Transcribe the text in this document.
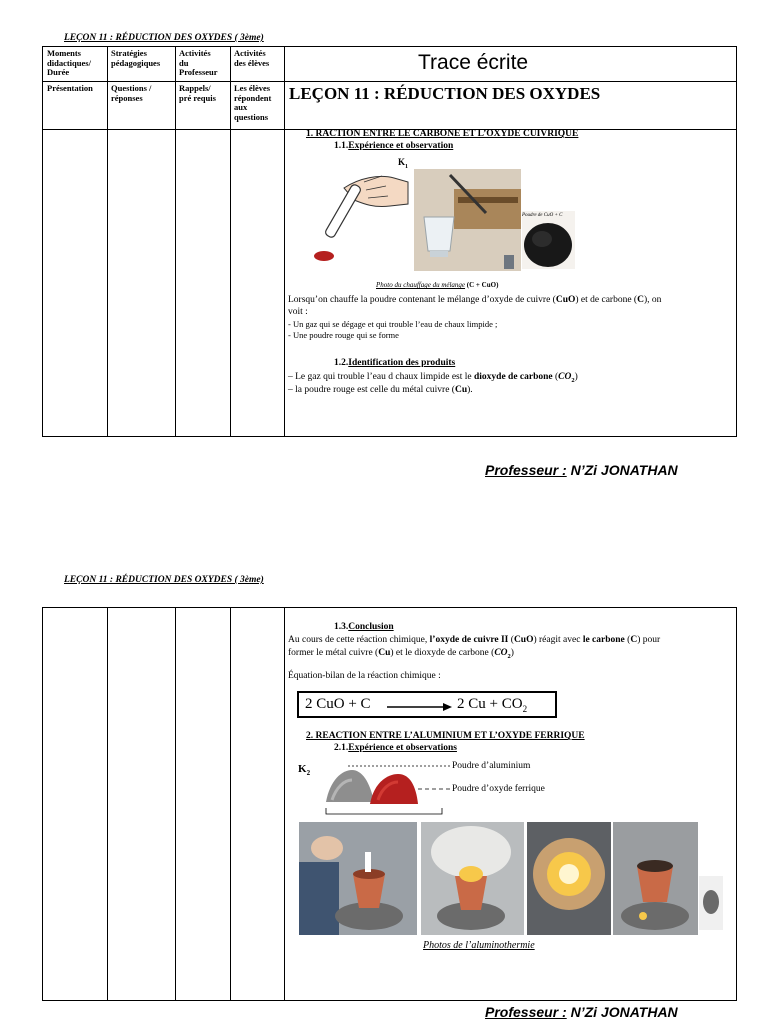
LEÇON 11 : RÉDUCTION DES OXYDES ( 3ème)
Moments
didactiques/
Durée
Stratégies
pédagogiques
Activités
du
Professeur
Activités
des élèves	Trace écrite
Présentation Questions /
réponses
Rappels/
pré requis
Les élèves
répondent
aux
questions
LEÇON 11 : RÉDUCTION DES OXYDES
1. RACTION ENTRE LE CARBONE ET L’OXYDE CUIVRIQUE
1.1.Expérience et observation
$K_1$
Poudre de CuO + C
Photo du chauffage du mélange (C + CuO)
Lorsqu’on chauffe la poudre contenant le mélange d’oxyde de cuivre (CuO) et de carbone (C), on
voit :
- Un gaz qui se dégage et qui trouble l’eau de chaux limpide ;
- Une poudre rouge qui se forme
1.2.Identification des produits
– Le gaz qui trouble l’eau d chaux limpide est le dioxyde de carbone $(CO_2)$
– la poudre rouge est celle du métal cuivre (Cu).
Professeur : N’Zi JONATHAN
LEÇON 11 : RÉDUCTION DES OXYDES ( 3ème)
1.3.Conclusion
Au cours de cette réaction chimique, l’oxyde de cuivre II (CuO) réagit avec le carbone (C) pour
former le métal cuivre (Cu) et le dioxyde de carbone $(CO_2)$
Équation-bilan de la réaction chimique :
2 CuO + C	2 $Cu + CO_2$
2. REACTION ENTRE L’ALUMINIUM ET L’OXYDE FERRIQUE
2.1.Expérience et observations
$K_2$
Poudre d’aluminium
Poudre d’oxyde ferrique
Photos de l’aluminothermie
Professeur : N’Zi JONATHAN
